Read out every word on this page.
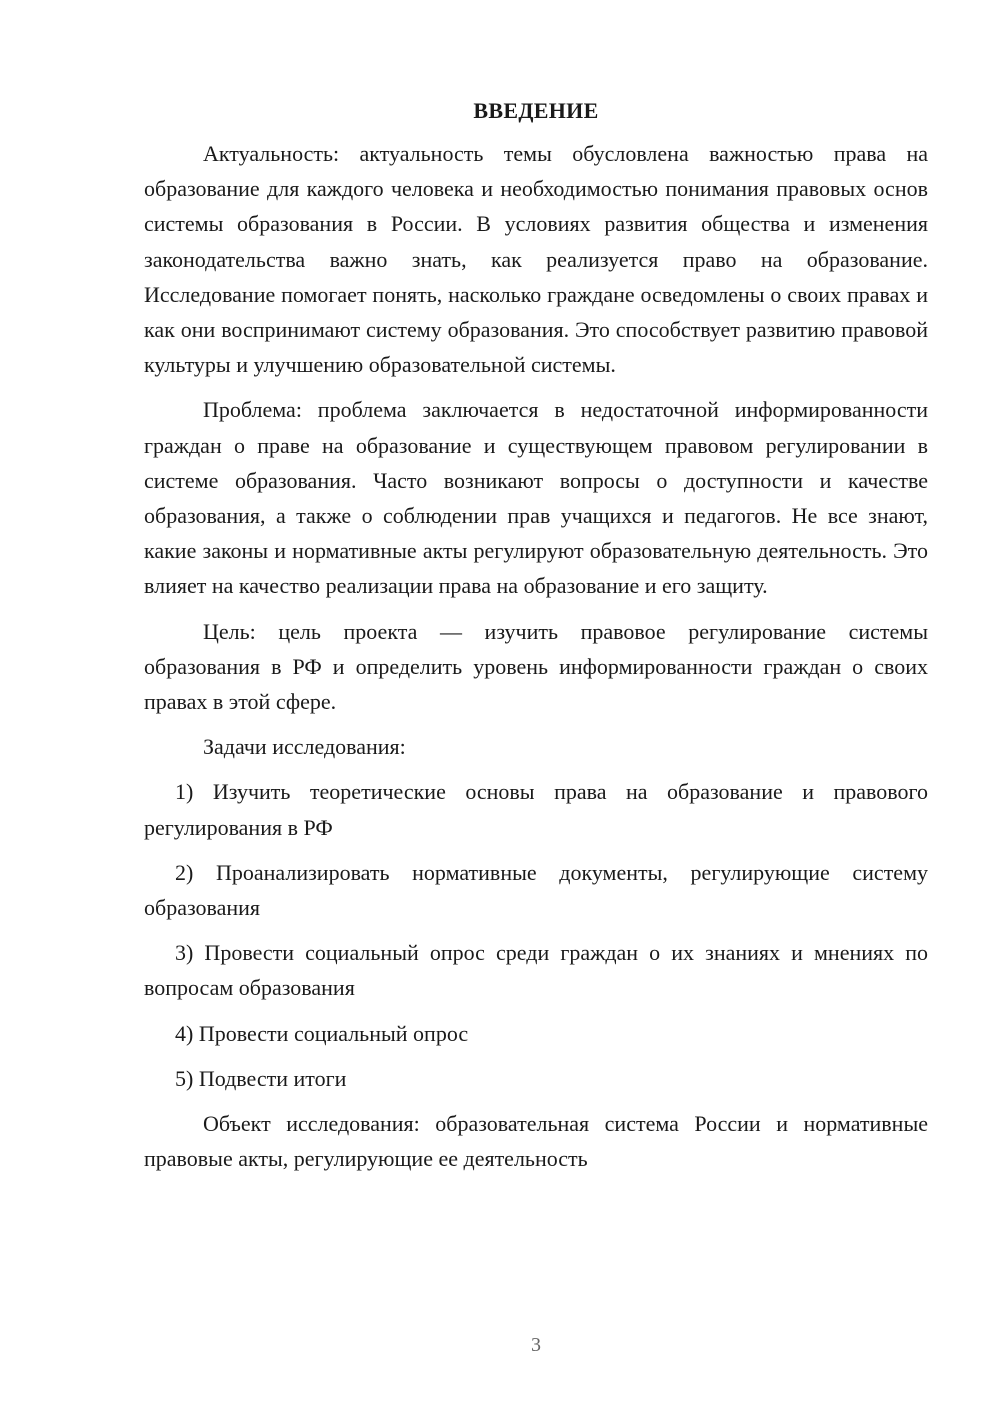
ВВЕДЕНИЕ

Актуальность: актуальность темы обусловлена важностью права на образование для каждого человека и необходимостью понимания правовых основ системы образования в России. В условиях развития общества и изменения законодательства важно знать, как реализуется право на образование. Исследование помогает понять, насколько граждане осведомлены о своих правах и как они воспринимают систему образования. Это способствует развитию правовой культуры и улучшению образовательной системы.

Проблема: проблема заключается в недостаточной информированности граждан о праве на образование и существующем правовом регулировании в системе образования. Часто возникают вопросы о доступности и качестве образования, а также о соблюдении прав учащихся и педагогов. Не все знают, какие законы и нормативные акты регулируют образовательную деятельность. Это влияет на качество реализации права на образование и его защиту.

Цель: цель проекта — изучить правовое регулирование системы образования в РФ и определить уровень информированности граждан о своих правах в этой сфере.

Задачи исследования:

1) Изучить теоретические основы права на образование и правового регулирования в РФ

2) Проанализировать нормативные документы, регулирующие систему образования

3) Провести социальный опрос среди граждан о их знаниях и мнениях по вопросам образования

4) Провести социальный опрос

5) Подвести итоги

Объект исследования: образовательная система России и нормативные правовые акты, регулирующие ее деятельность

3
